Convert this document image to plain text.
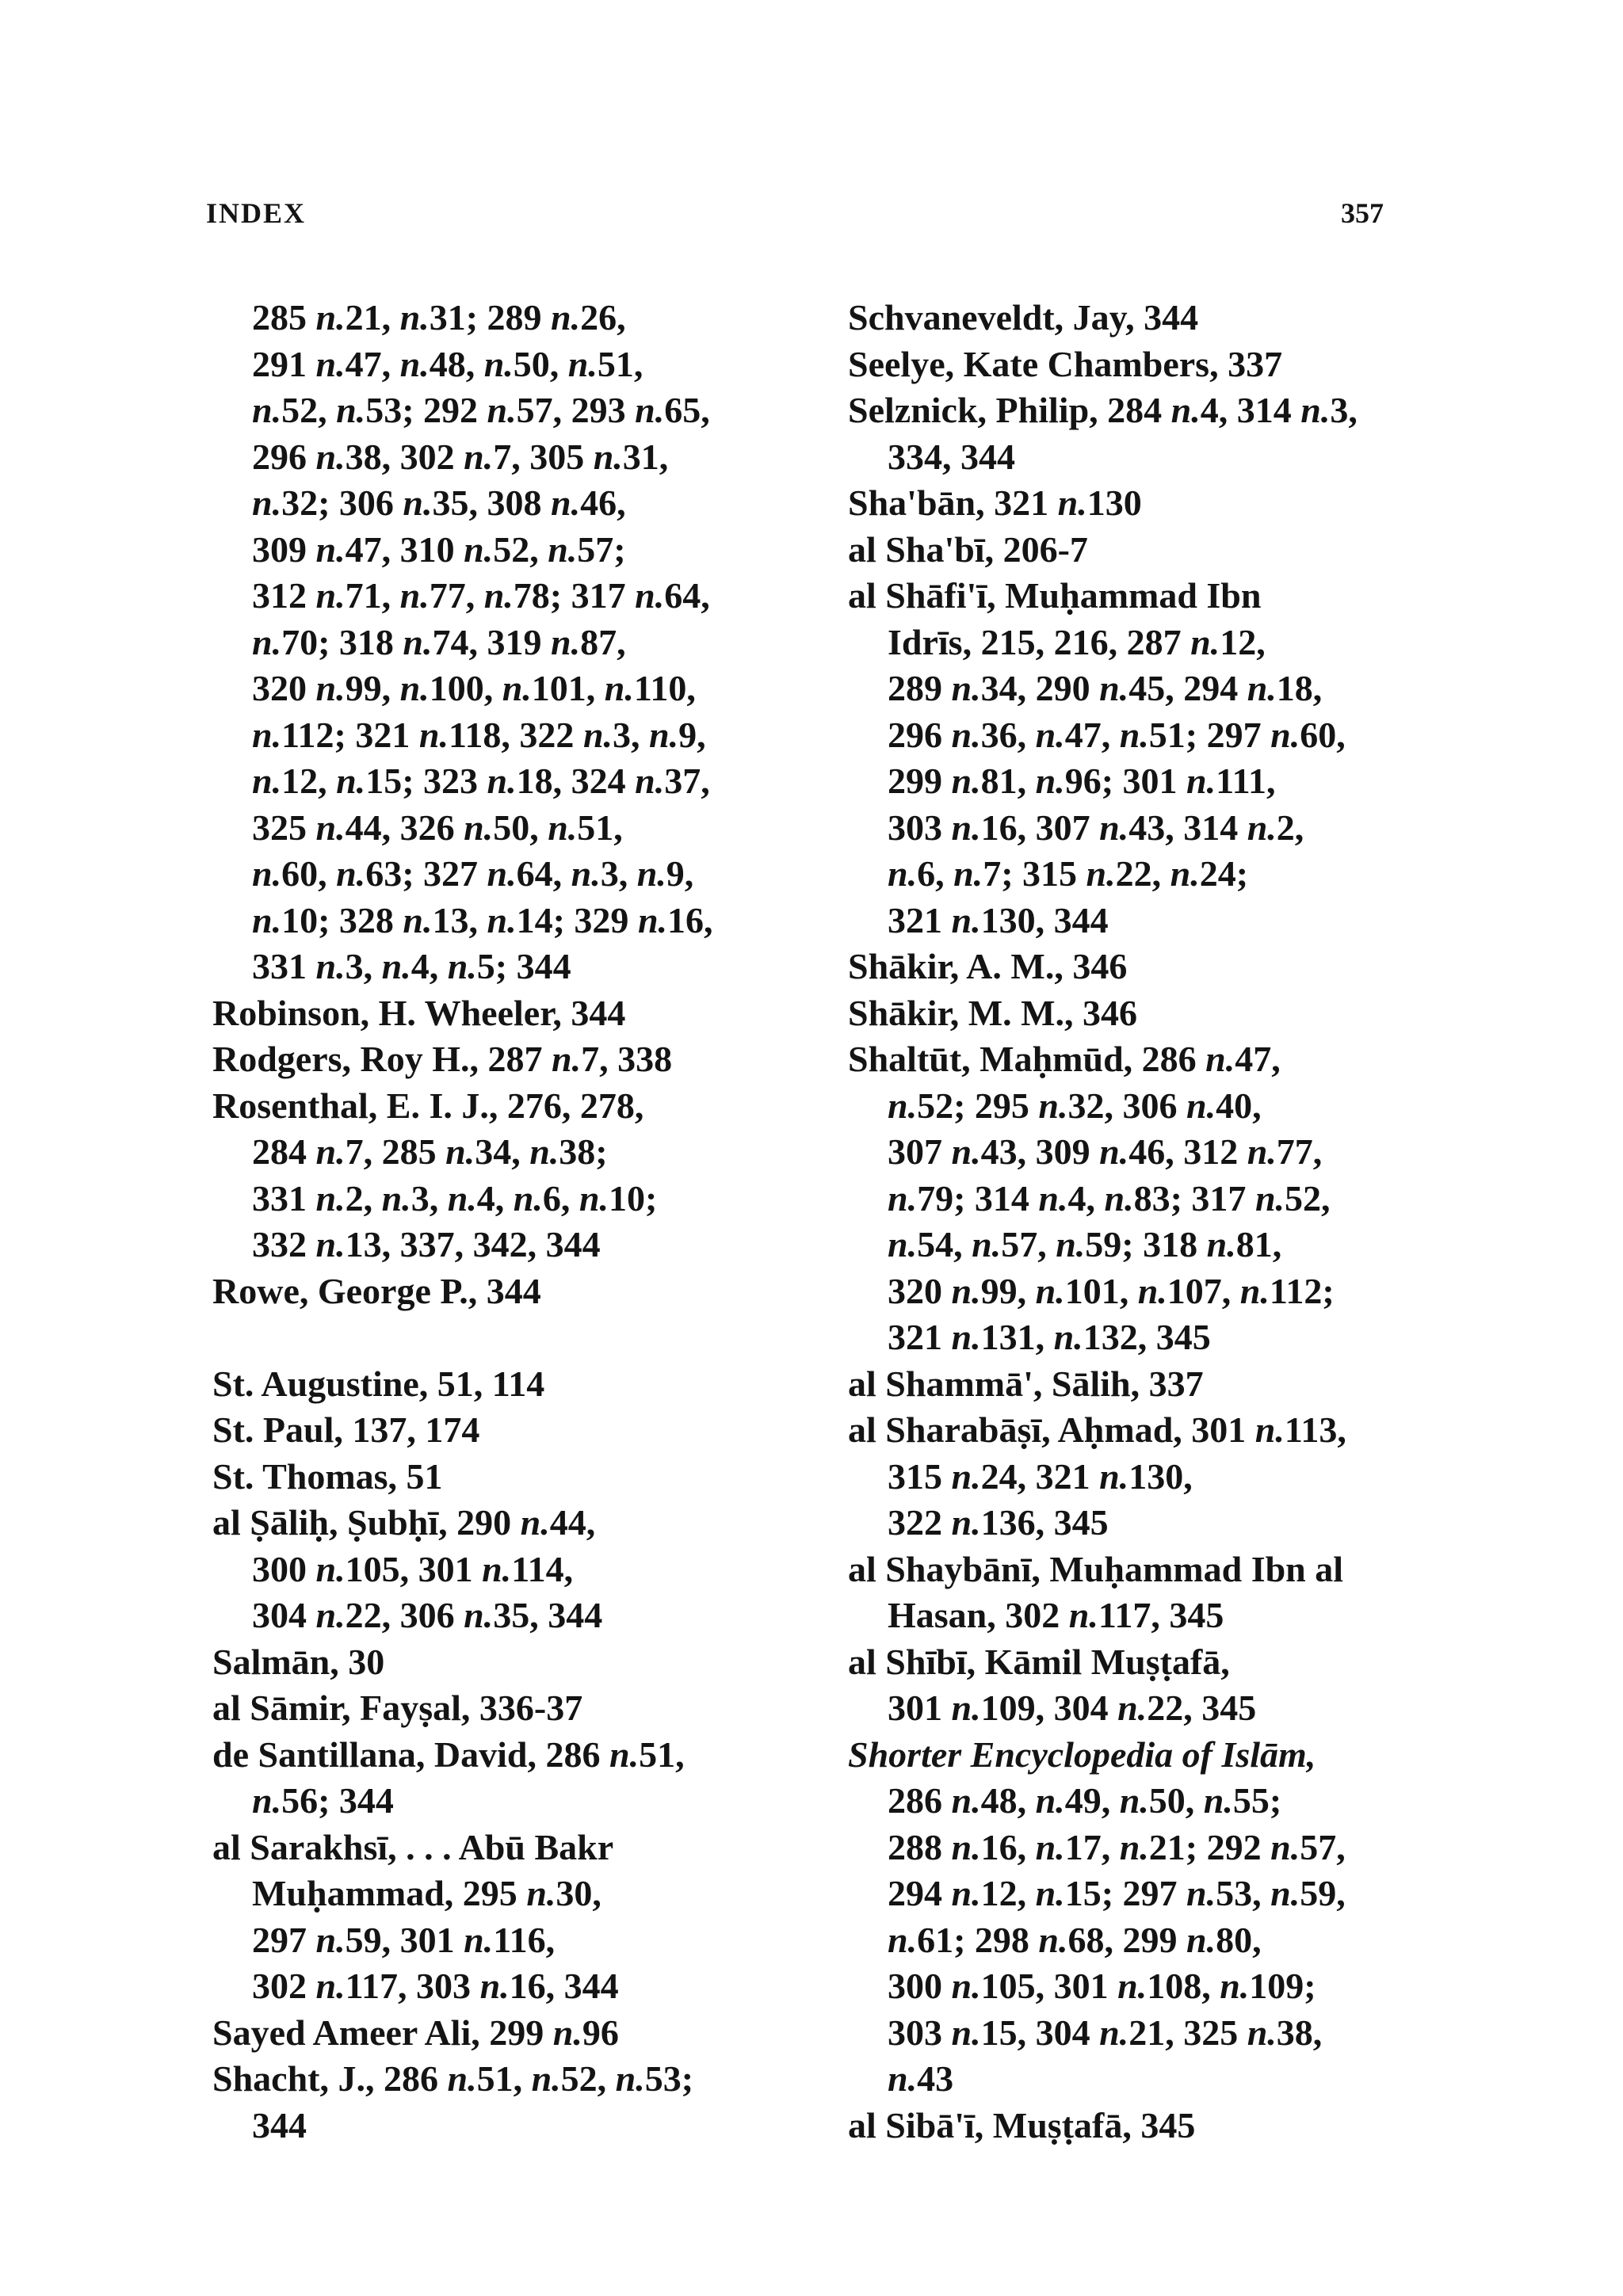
INDEX	357
285 n.21, n.31; 289 n.26,
291 n.47, n.48, n.50, n.51,
n.52, n.53; 292 n.57, 293 n.65,
296 n.38, 302 n.7, 305 n.31,
n.32; 306 n.35, 308 n.46,
309 n.47, 310 n.52, n.57;
312 n.71, n.77, n.78; 317 n.64,
n.70; 318 n.74, 319 n.87,
320 n.99, n.100, n.101, n.110,
n.112; 321 n.118, 322 n.3, n.9,
n.12, n.15; 323 n.18, 324 n.37,
325 n.44, 326 n.50, n.51,
n.60, n.63; 327 n.64, n.3, n.9,
n.10; 328 n.13, n.14; 329 n.16,
331 n.3, n.4, n.5; 344
Robinson, H. Wheeler, 344
Rodgers, Roy H., 287 n.7, 338
Rosenthal, E. I. J., 276, 278,
284 n.7, 285 n.34, n.38;
331 n.2, n.3, n.4, n.6, n.10;
332 n.13, 337, 342, 344
Rowe, George P., 344
St. Augustine, 51, 114
St. Paul, 137, 174
St. Thomas, 51
al Ṣāliḥ, Ṣubḥī, 290 n.44,
300 n.105, 301 n.114,
304 n.22, 306 n.35, 344
Salmān, 30
al Sāmir, Fayṣal, 336-37
de Santillana, David, 286 n.51,
n.56; 344
al Sarakhsī, . . . Abū Bakr
Muḥammad, 295 n.30,
297 n.59, 301 n.116,
302 n.117, 303 n.16, 344
Sayed Ameer Ali, 299 n.96
Shacht, J., 286 n.51, n.52, n.53;
344
Schvaneveldt, Jay, 344
Seelye, Kate Chambers, 337
Selznick, Philip, 284 n.4, 314 n.3,
334, 344
Sha'bān, 321 n.130
al Sha'bī, 206-7
al Shāfi'ī, Muḥammad Ibn
Idrīs, 215, 216, 287 n.12,
289 n.34, 290 n.45, 294 n.18,
296 n.36, n.47, n.51; 297 n.60,
299 n.81, n.96; 301 n.111,
303 n.16, 307 n.43, 314 n.2,
n.6, n.7; 315 n.22, n.24;
321 n.130, 344
Shākir, A. M., 346
Shākir, M. M., 346
Shaltūt, Maḥmūd, 286 n.47,
n.52; 295 n.32, 306 n.40,
307 n.43, 309 n.46, 312 n.77,
n.79; 314 n.4, n.83; 317 n.52,
n.54, n.57, n.59; 318 n.81,
320 n.99, n.101, n.107, n.112;
321 n.131, n.132, 345
al Shammā', Sālih, 337
al Sharabāṣī, Aḥmad, 301 n.113,
315 n.24, 321 n.130,
322 n.136, 345
al Shaybānī, Muḥammad Ibn al
Hasan, 302 n.117, 345
al Shībī, Kāmil Muṣṭafā,
301 n.109, 304 n.22, 345
Shorter Encyclopedia of Islām,
286 n.48, n.49, n.50, n.55;
288 n.16, n.17, n.21; 292 n.57,
294 n.12, n.15; 297 n.53, n.59,
n.61; 298 n.68, 299 n.80,
300 n.105, 301 n.108, n.109;
303 n.15, 304 n.21, 325 n.38,
n.43
al Sibā'ī, Muṣṭafā, 345
